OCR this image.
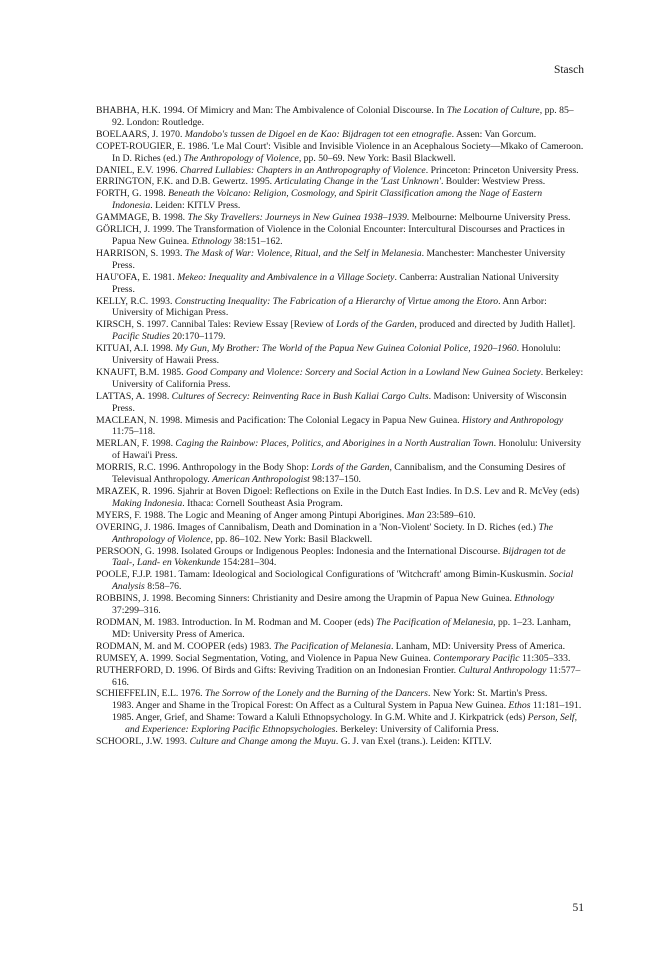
Stasch

BHABHA, H.K. 1994. Of Mimicry and Man: The Ambivalence of Colonial Discourse. In The Location of Culture, pp. 85–92. London: Routledge.

BOELAARS, J. 1970. Mandobo's tussen de Digoel en de Kao: Bijdragen tot een etnografie. Assen: Van Gorcum.

COPET-ROUGIER, E. 1986. 'Le Mal Court': Visible and Invisible Violence in an Acephalous Society—Mkako of Cameroon. In D. Riches (ed.) The Anthropology of Violence, pp. 50–69. New York: Basil Blackwell.

DANIEL, E.V. 1996. Charred Lullabies: Chapters in an Anthropography of Violence. Princeton: Princeton University Press.

ERRINGTON, F.K. and D.B. Gewertz. 1995. Articulating Change in the 'Last Unknown'. Boulder: Westview Press.

FORTH, G. 1998. Beneath the Volcano: Religion, Cosmology, and Spirit Classification among the Nage of Eastern Indonesia. Leiden: KITLV Press.

GAMMAGE, B. 1998. The Sky Travellers: Journeys in New Guinea 1938–1939. Melbourne: Melbourne University Press.

GÖRLICH, J. 1999. The Transformation of Violence in the Colonial Encounter: Intercultural Discourses and Practices in Papua New Guinea. Ethnology 38:151–162.

HARRISON, S. 1993. The Mask of War: Violence, Ritual, and the Self in Melanesia. Manchester: Manchester University Press.

HAU'OFA, E. 1981. Mekeo: Inequality and Ambivalence in a Village Society. Canberra: Australian National University Press.

KELLY, R.C. 1993. Constructing Inequality: The Fabrication of a Hierarchy of Virtue among the Etoro. Ann Arbor: University of Michigan Press.

KIRSCH, S. 1997. Cannibal Tales: Review Essay [Review of Lords of the Garden, produced and directed by Judith Hallet]. Pacific Studies 20:170–1179.

KITUAI, A.I. 1998. My Gun, My Brother: The World of the Papua New Guinea Colonial Police, 1920–1960. Honolulu: University of Hawaii Press.

KNAUFT, B.M. 1985. Good Company and Violence: Sorcery and Social Action in a Lowland New Guinea Society. Berkeley: University of California Press.

LATTAS, A. 1998. Cultures of Secrecy: Reinventing Race in Bush Kaliai Cargo Cults. Madison: University of Wisconsin Press.

MACLEAN, N. 1998. Mimesis and Pacification: The Colonial Legacy in Papua New Guinea. History and Anthropology 11:75–118.

MERLAN, F. 1998. Caging the Rainbow: Places, Politics, and Aborigines in a North Australian Town. Honolulu: University of Hawai'i Press.

MORRIS, R.C. 1996. Anthropology in the Body Shop: Lords of the Garden, Cannibalism, and the Consuming Desires of Televisual Anthropology. American Anthropologist 98:137–150.

MRAZEK, R. 1996. Sjahrir at Boven Digoel: Reflections on Exile in the Dutch East Indies. In D.S. Lev and R. McVey (eds) Making Indonesia. Ithaca: Cornell Southeast Asia Program.

MYERS, F. 1988. The Logic and Meaning of Anger among Pintupi Aborigines. Man 23:589–610.

OVERING, J. 1986. Images of Cannibalism, Death and Domination in a 'Non-Violent' Society. In D. Riches (ed.) The Anthropology of Violence, pp. 86–102. New York: Basil Blackwell.

PERSOON, G. 1998. Isolated Groups or Indigenous Peoples: Indonesia and the International Discourse. Bijdragen tot de Taal-, Land- en Vokenkunde 154:281–304.

POOLE, F.J.P. 1981. Tamam: Ideological and Sociological Configurations of 'Witchcraft' among Bimin-Kuskusmin. Social Analysis 8:58–76.

ROBBINS, J. 1998. Becoming Sinners: Christianity and Desire among the Urapmin of Papua New Guinea. Ethnology 37:299–316.

RODMAN, M. 1983. Introduction. In M. Rodman and M. Cooper (eds) The Pacification of Melanesia, pp. 1–23. Lanham, MD: University Press of America.

RODMAN, M. and M. COOPER (eds) 1983. The Pacification of Melanesia. Lanham, MD: University Press of America.

RUMSEY, A. 1999. Social Segmentation, Voting, and Violence in Papua New Guinea. Contemporary Pacific 11:305–333.

RUTHERFORD, D. 1996. Of Birds and Gifts: Reviving Tradition on an Indonesian Frontier. Cultural Anthropology 11:577–616.

SCHIEFFELIN, E.L. 1976. The Sorrow of the Lonely and the Burning of the Dancers. New York: St. Martin's Press.

1983. Anger and Shame in the Tropical Forest: On Affect as a Cultural System in Papua New Guinea. Ethos 11:181–191.

1985. Anger, Grief, and Shame: Toward a Kaluli Ethnopsychology. In G.M. White and J. Kirkpatrick (eds) Person, Self, and Experience: Exploring Pacific Ethnopsychologies. Berkeley: University of California Press.

SCHOORL, J.W. 1993. Culture and Change among the Muyu. G. J. van Exel (trans.). Leiden: KITLV.

51
